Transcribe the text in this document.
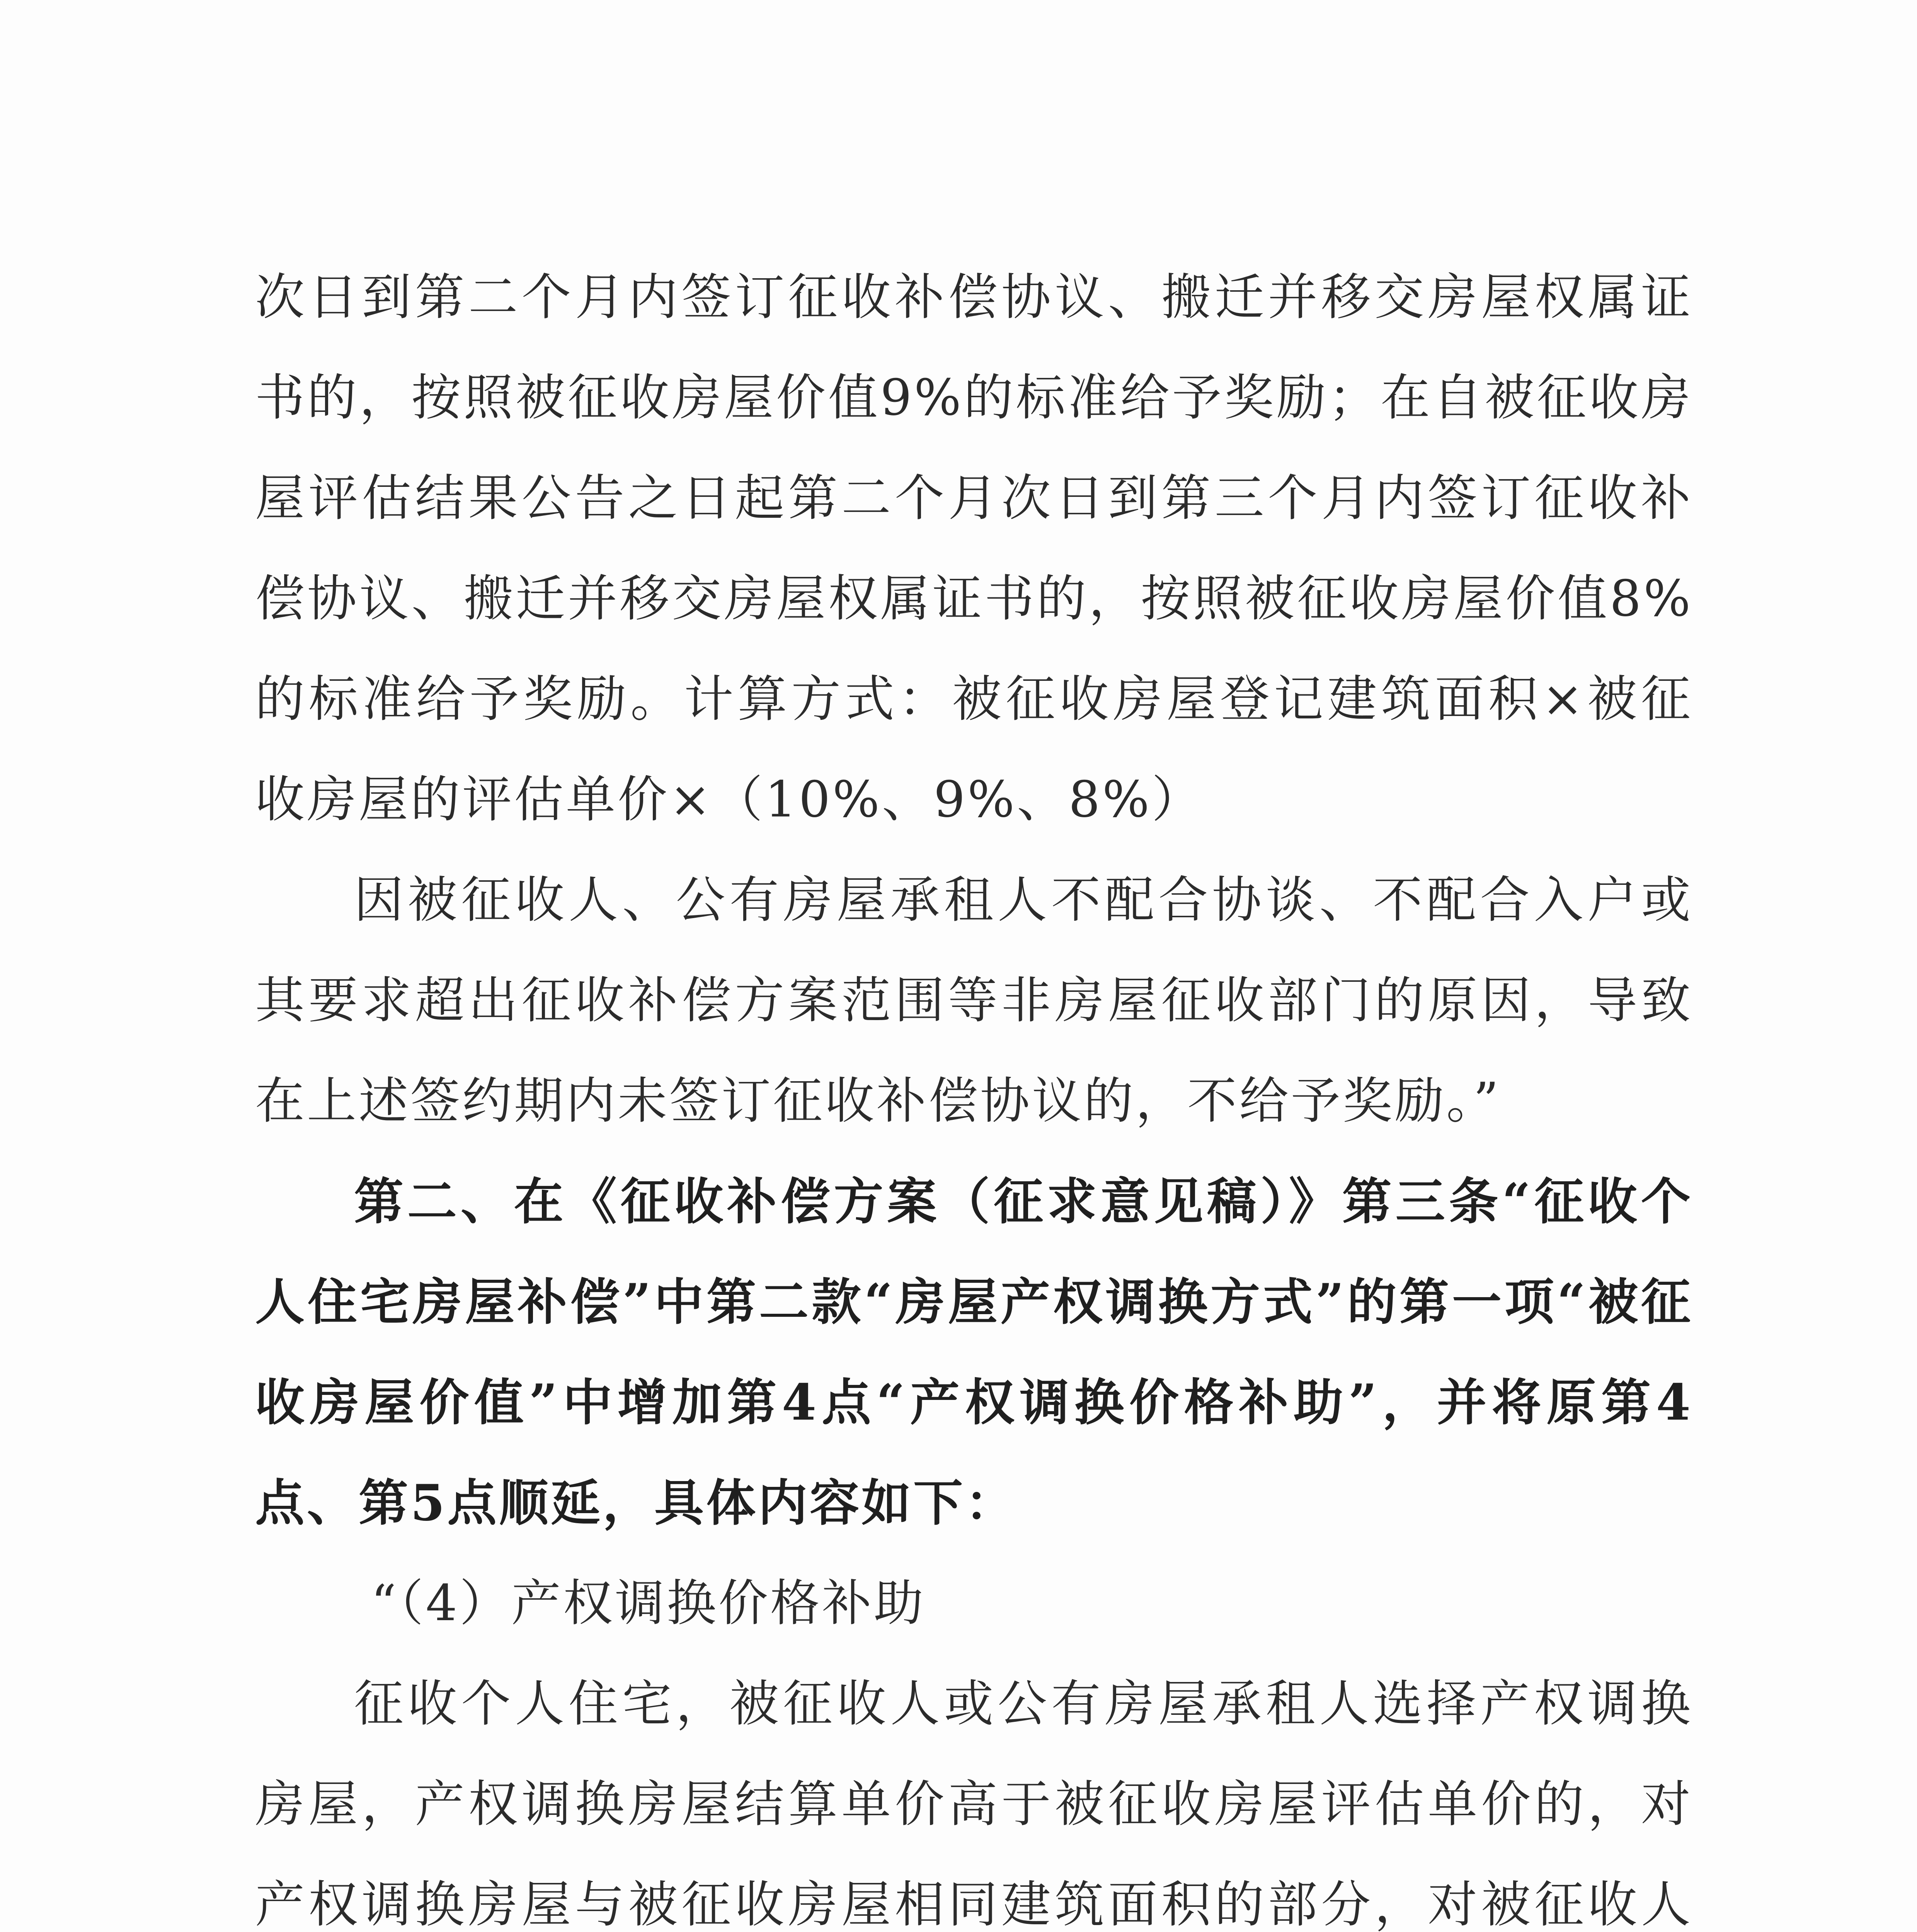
次日到第二个月内签订征收补偿协议、搬迁并移交房屋权属证书的，按照被征收房屋价值9%的标准给予奖励；在自被征收房屋评估结果公告之日起第二个月次日到第三个月内签订征收补偿协议、搬迁并移交房屋权属证书的，按照被征收房屋价值8%的标准给予奖励。计算方式：被征收房屋登记建筑面积×被征收房屋的评估单价×（10%、9%、8%）

因被征收人、公有房屋承租人不配合协谈、不配合入户或其要求超出征收补偿方案范围等非房屋征收部门的原因，导致在上述签约期内未签订征收补偿协议的，不给予奖励。”

第二、在《征收补偿方案（征求意见稿）》第三条“征收个人住宅房屋补偿”中第二款“房屋产权调换方式”的第一项“被征收房屋价值”中增加第4点“产权调换价格补助”，并将原第4点、第5点顺延，具体内容如下：

“（4）产权调换价格补助

征收个人住宅，被征收人或公有房屋承租人选择产权调换房屋，产权调换房屋结算单价高于被征收房屋评估单价的，对产权调换房屋与被征收房屋相同建筑面积的部分，对被征收人
